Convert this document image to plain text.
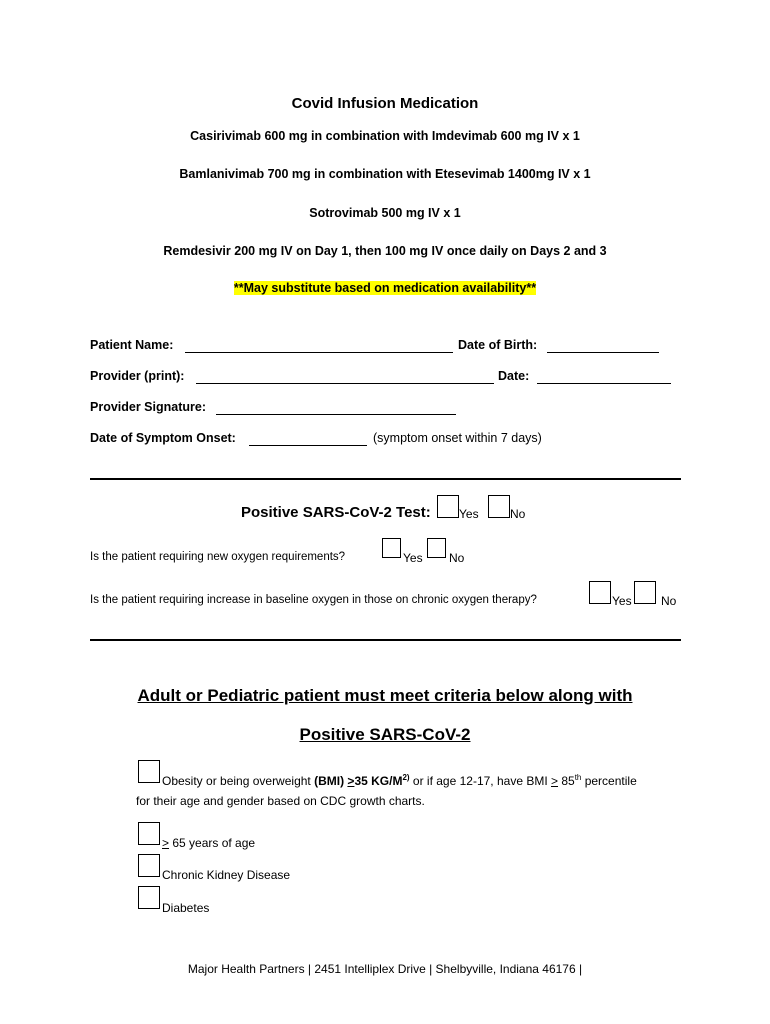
Covid Infusion Medication
Casirivimab 600 mg in combination with Imdevimab 600 mg IV x 1
Bamlanivimab 700 mg in combination with Etesevimab 1400mg IV x 1
Sotrovimab 500 mg IV x 1
Remdesivir 200 mg IV on Day 1, then 100 mg IV once daily on Days 2 and 3
**May substitute based on medication availability**
Patient Name:	Date of Birth:
Provider (print):	Date:
Provider Signature:
Date of Symptom Onset:	(symptom onset within 7 days)
Positive SARS-CoV-2 Test: Yes	No
Is the patient requiring new oxygen requirements?	Yes No
Is the patient requiring increase in baseline oxygen in those on chronic oxygen therapy?	Yes No
Adult or Pediatric patient must meet criteria below along with
Positive SARS-CoV-2
Obesity or being overweight (BMI) >35 $KG/M^{2)}$ or if age 12-17, have BMI > 85th percentile
for their age and gender based on CDC growth charts.
> 65 years of age
Chronic Kidney Disease
Diabetes
Major Health Partners | 2451 Intelliplex Drive | Shelbyville, Indiana 46176 |
